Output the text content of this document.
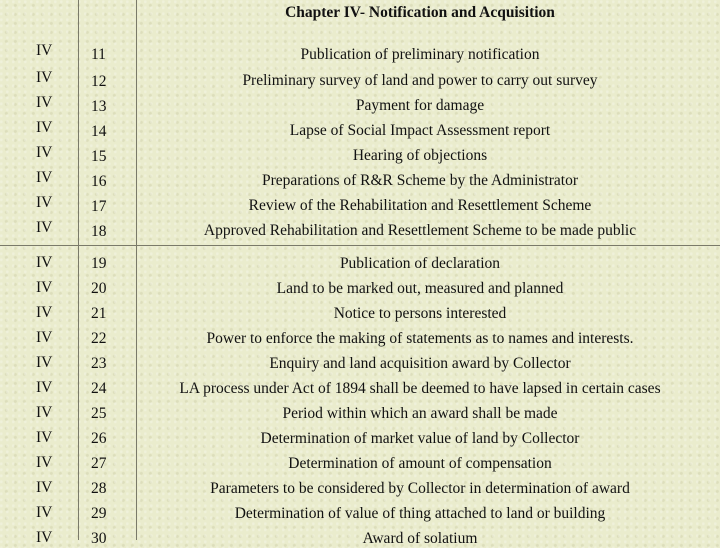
Chapter IV- Notification and Acquisition
IV 11	Publication of preliminary notification
IV 12	Preliminary survey of land and power to carry out survey
IV 13	Payment for damage
IV 14	Lapse of Social Impact Assessment report
IV 15	Hearing of objections
IV 16	Preparations of R&R Scheme by the Administrator
IV 17	Review of the Rehabilitation and Resettlement Scheme
IV 18	Approved Rehabilitation and Resettlement Scheme to be made public
IV 19	Publication of declaration
IV 20	Land to be marked out, measured and planned
IV 21	Notice to persons interested
IV 22	Power to enforce the making of statements as to names and interests.
IV 23	Enquiry and land acquisition award by Collector
IV 24	LA process under Act of 1894 shall be deemed to have lapsed in certain cases
IV 25	Period within which an award shall be made
IV 26	Determination of market value of land by Collector
IV 27	Determination of amount of compensation
IV 28	Parameters to be considered by Collector in determination of award
IV 29	Determination of value of thing attached to land or building
IV 30	Award of solatium
